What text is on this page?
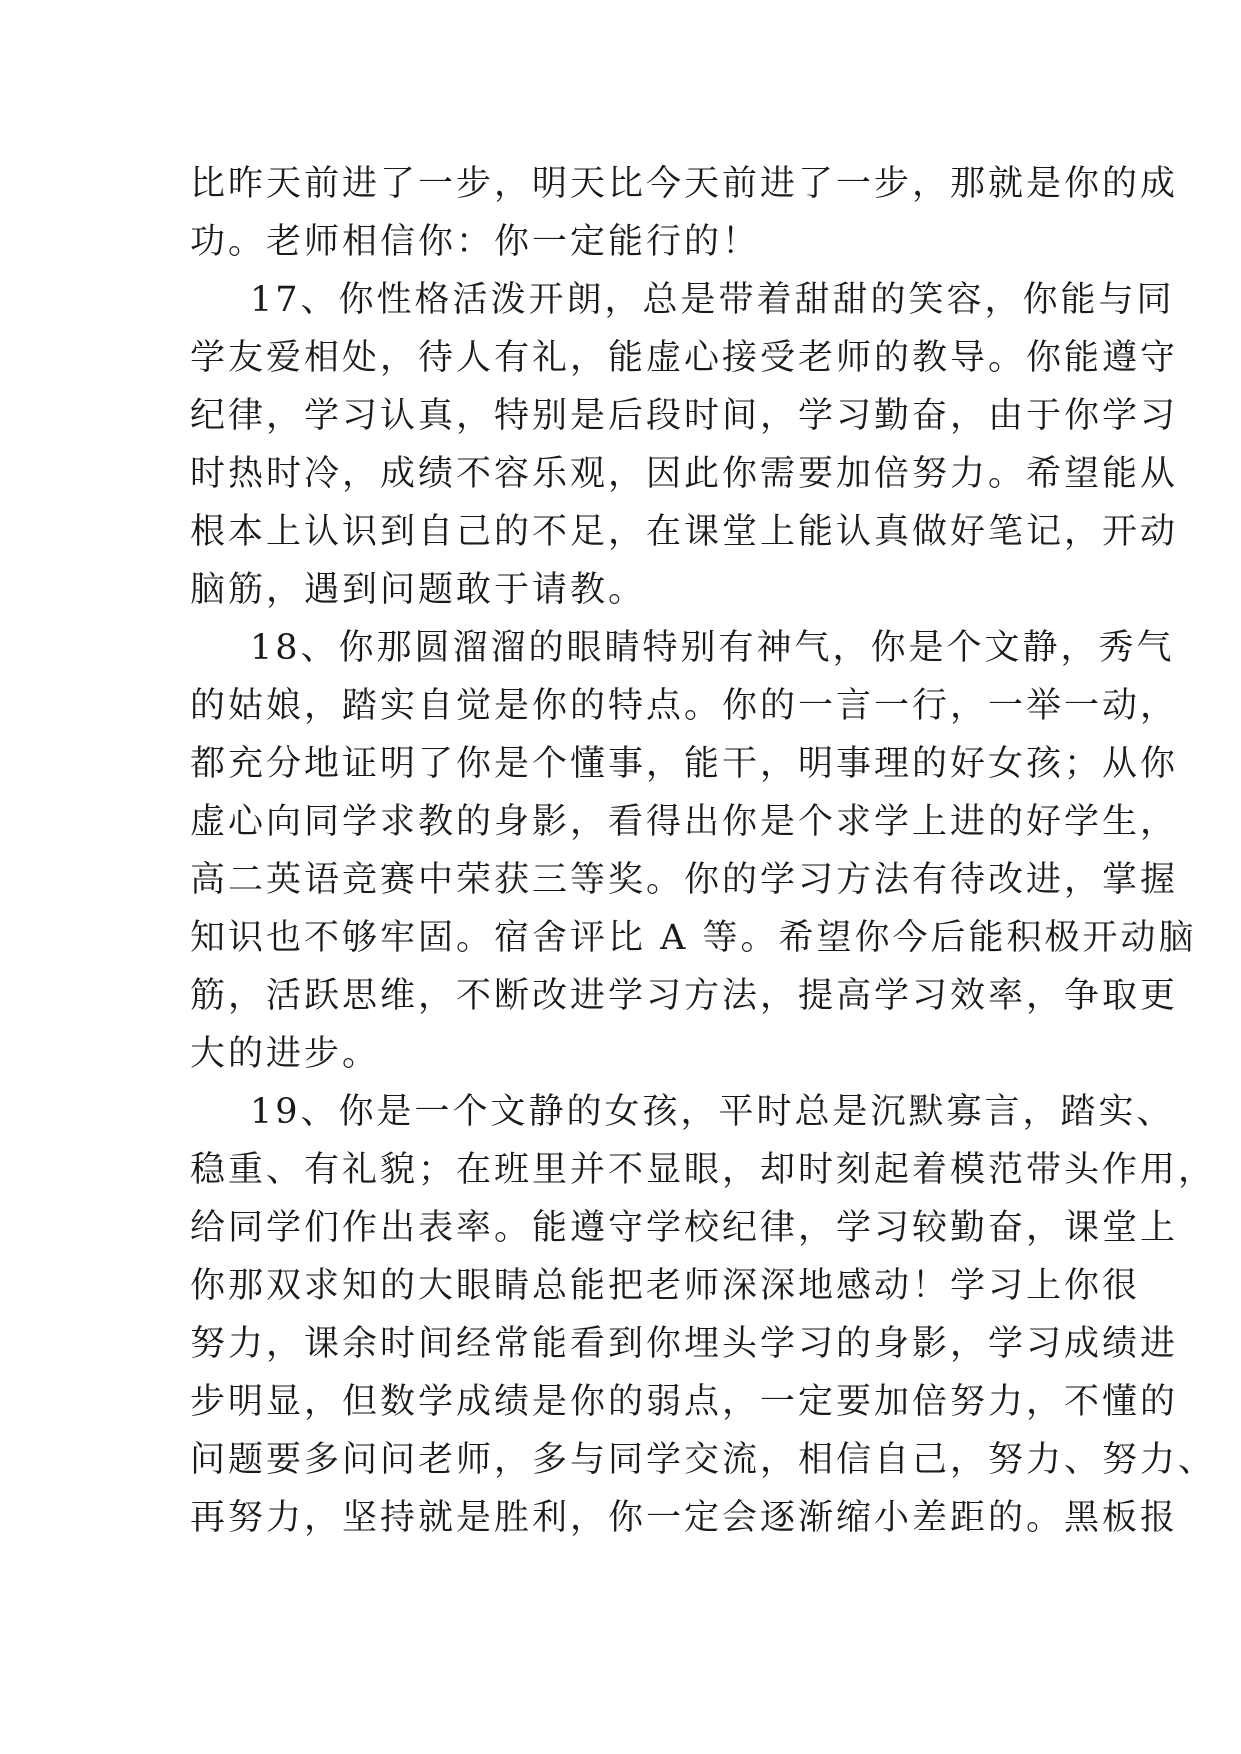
比昨天前进了一步，明天比今天前进了一步，那就是你的成
功。老师相信你：你一定能行的！
17、你性格活泼开朗，总是带着甜甜的笑容，你能与同
学友爱相处，待人有礼，能虚心接受老师的教导。你能遵守
纪律，学习认真，特别是后段时间，学习勤奋，由于你学习
时热时冷，成绩不容乐观，因此你需要加倍努力。希望能从
根本上认识到自己的不足，在课堂上能认真做好笔记，开动
脑筋，遇到问题敢于请教。
18、你那圆溜溜的眼睛特别有神气，你是个文静，秀气
的姑娘，踏实自觉是你的特点。你的一言一行，一举一动，
都充分地证明了你是个懂事，能干，明事理的好女孩；从你
虚心向同学求教的身影，看得出你是个求学上进的好学生，
高二英语竞赛中荣获三等奖。你的学习方法有待改进，掌握
知识也不够牢固。宿舍评比 A 等。希望你今后能积极开动脑
筋，活跃思维，不断改进学习方法，提高学习效率，争取更
大的进步。
19、你是一个文静的女孩，平时总是沉默寡言，踏实、
稳重、有礼貌；在班里并不显眼，却时刻起着模范带头作用，
给同学们作出表率。能遵守学校纪律，学习较勤奋，课堂上
你那双求知的大眼睛总能把老师深深地感动！学习上你很
努力，课余时间经常能看到你埋头学习的身影，学习成绩进
步明显，但数学成绩是你的弱点，一定要加倍努力，不懂的
问题要多问问老师，多与同学交流，相信自己，努力、努力、
再努力，坚持就是胜利，你一定会逐渐缩小差距的。黑板报
